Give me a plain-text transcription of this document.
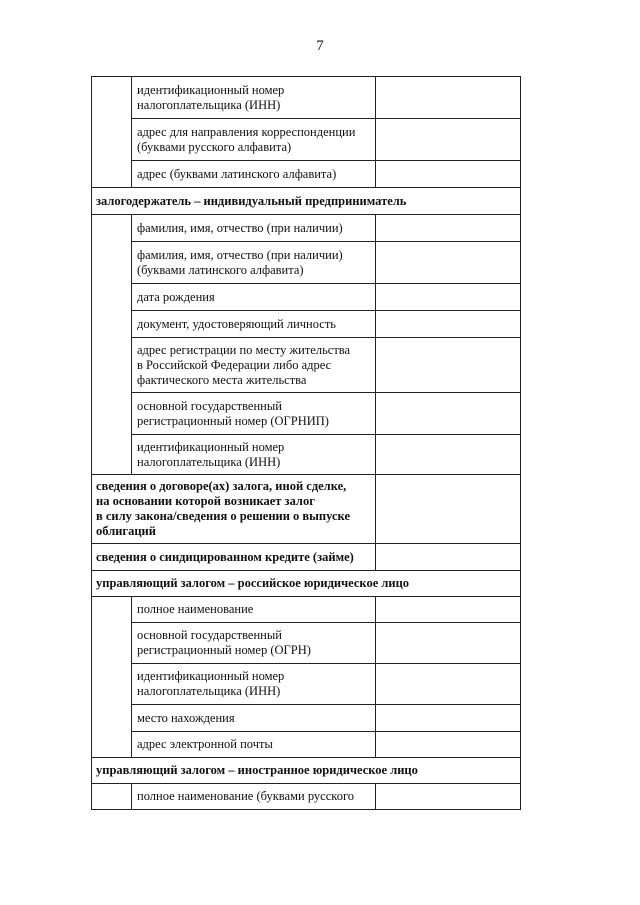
7
	идентификационный номер
налогоплательщика (ИНН)	
	адрес для направления корреспонденции
(буквами русского алфавита)	
	адрес (буквами латинского алфавита)	
залогодержатель – индивидуальный предприниматель		
	фамилия, имя, отчество (при наличии)	
	фамилия, имя, отчество (при наличии)
(буквами латинского алфавита)	
	дата рождения	
	документ, удостоверяющий личность	
	адрес регистрации по месту жительства
в Российской Федерации либо адрес
фактического места жительства	
	основной государственный
регистрационный номер (ОГРНИП)	
	идентификационный номер
налогоплательщика (ИНН)	
сведения о договоре(ах) залога, иной сделке,
на основании которой возникает залог
в силу закона/сведения о решении о выпуске
облигаций		
сведения о синдицированном кредите (займе)		
управляющий залогом – российское юридическое лицо		
	полное наименование	
	основной государственный
регистрационный номер (ОГРН)	
	идентификационный номер
налогоплательщика (ИНН)	
	место нахождения	
	адрес электронной почты	
управляющий залогом – иностранное юридическое лицо		
	полное наименование (буквами русского	
